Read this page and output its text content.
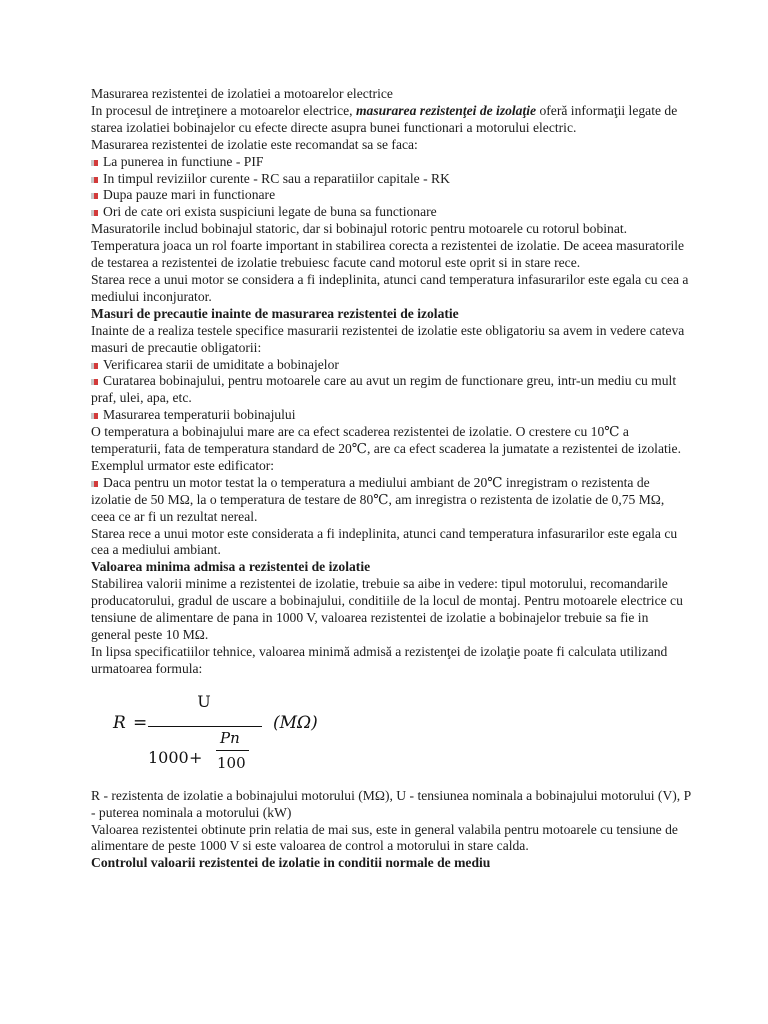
Masurarea rezistentei de izolatiei a motoarelor electrice

In procesul de intreţinere a motoarelor electrice, masurarea rezistenţei de izolaţie oferă informaţii legate de starea izolatiei bobinajelor cu efecte directe asupra bunei functionari a motorului electric.

Masurarea rezistentei de izolatie este recomandat sa se faca:

La punerea in functiune - PIF
In timpul reviziilor curente - RC sau a reparatiilor capitale - RK
Dupa pauze mari in functionare
Ori de cate ori exista suspiciuni legate de buna sa functionare

Masuratorile includ bobinajul statoric, dar si bobinajul rotoric pentru motoarele cu rotorul bobinat. Temperatura joaca un rol foarte important in stabilirea corecta a rezistentei de izolatie. De aceea masuratorile de testarea a rezistentei de izolatie trebuiesc facute cand motorul este oprit si in stare rece.

Starea rece a unui motor se considera a fi indeplinita, atunci cand temperatura infasurarilor este egala cu cea a mediului inconjurator.

Masuri de precautie inainte de masurarea rezistentei de izolatie

Inainte de a realiza testele specifice masurarii rezistentei de izolatie este obligatoriu sa avem in vedere cateva masuri de precautie obligatorii:

Verificarea starii de umiditate a bobinajelor
Curatarea bobinajului, pentru motoarele care au avut un regim de functionare greu, intr-un mediu cu mult praf, ulei, apa, etc.
Masurarea temperaturii bobinajului

O temperatura a bobinajului mare are ca efect scaderea rezistentei de izolatie. O crestere cu 10℃ a temperaturii, fata de temperatura standard de 20℃, are ca efect scaderea la jumatate a rezistentei de izolatie. Exemplul urmator este edificator:

Daca pentru un motor testat la o temperatura a mediului ambiant de 20℃ inregistram o rezistenta de izolatie de 50 MΩ, la o temperatura de testare de 80℃, am inregistra o rezistenta de izolatie de 0,75 MΩ, ceea ce ar fi un rezultat nereal.

Starea rece a unui motor este considerata a fi indeplinita, atunci cand temperatura infasurarilor este egala cu cea a mediului ambiant.

Valoarea minima admisa a rezistentei de izolatie

Stabilirea valorii minime a rezistentei de izolatie, trebuie sa aibe in vedere: tipul motorului, recomandarile producatorului, gradul de uscare a bobinajului, conditiile de la locul de montaj. Pentru motoarele electrice cu tensiune de alimentare de pana in 1000 V, valoarea rezistentei de izolatie a bobinajelor trebuie sa fie in general peste 10 MΩ.

In lipsa specificatiilor tehnice, valoarea minimă admisă a rezistenţei de izolaţie poate fi calculata utilizand urmatoarea formula:

R =
U
1000 +
Pn
100
(MΩ)

R - rezistenta de izolatie a bobinajului motorului (MΩ), U - tensiunea nominala a bobinajului motorului (V), P - puterea nominala a motorului (kW)

Valoarea rezistentei obtinute prin relatia de mai sus, este in general valabila pentru motoarele cu tensiune de alimentare de peste 1000 V si este valoarea de control a motorului in stare calda.

Controlul valoarii rezistentei de izolatie in conditii normale de mediu
